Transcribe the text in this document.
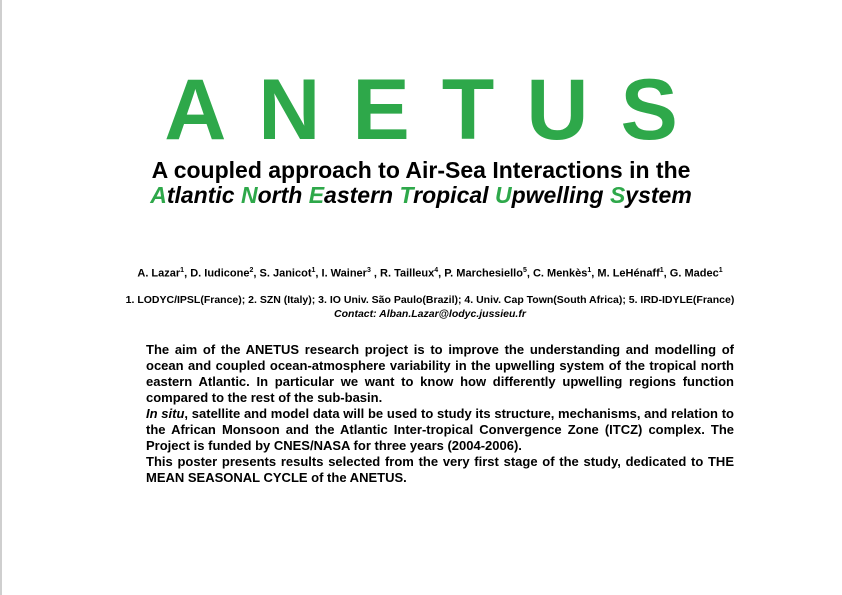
A N E T U S

A coupled approach to Air-Sea Interactions in the

Atlantic North Eastern Tropical Upwelling System

A. Lazar$^1$, D. Iudicone$^2$, S. Janicot$^1$, I. Wainer$^3$ , R. Tailleux$^4$, P. Marchesiello$^5$, C. Menkès$^1$, M. LeHénaff$^1$, G. Madec$^1$

1. LODYC/IPSL(France); 2. SZN (Italy); 3. IO Univ. São Paulo(Brazil); 4. Univ. Cap Town(South Africa); 5. IRD-IDYLE(France)

Contact: Alban.Lazar@lodyc.jussieu.fr

The aim of the ANETUS research project is to improve the understanding and modelling of ocean and coupled ocean-atmosphere variability in the upwelling system of the tropical north eastern Atlantic. In particular we want to know how differently upwelling regions function compared to the rest of the sub-basin.

In situ, satellite and model data will be used to study its structure, mechanisms, and relation to the African Monsoon and the Atlantic Inter-tropical Convergence Zone (ITCZ) complex. The Project is funded by CNES/NASA for three years (2004-2006).

This poster presents results selected from the very first stage of the study, dedicated to THE MEAN SEASONAL CYCLE of the ANETUS.
